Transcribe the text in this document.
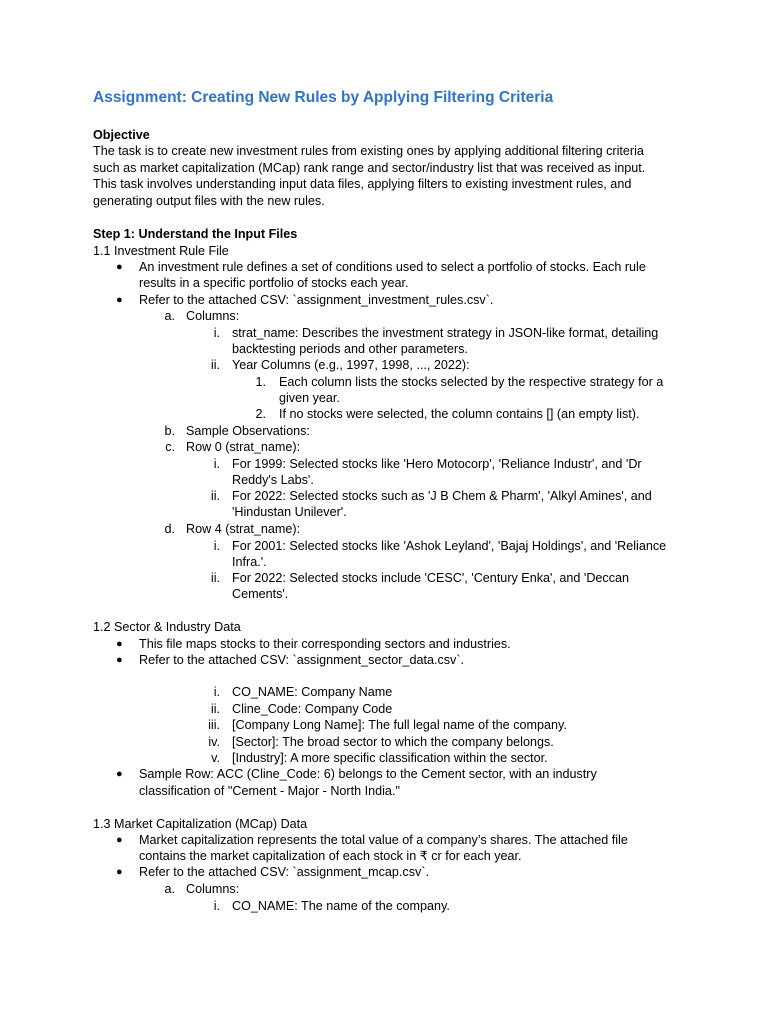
Assignment: Creating New Rules by Applying Filtering Criteria
Objective
The task is to create new investment rules from existing ones by applying additional filtering criteria
such as market capitalization (MCap) rank range and sector/industry list that was received as input.
This task involves understanding input data files, applying filters to existing investment rules, and
generating output files with the new rules.
Step 1: Understand the Input Files
1.1 Investment Rule File
● An investment rule defines a set of conditions used to select a portfolio of stocks. Each rule
results in a specific portfolio of stocks each year.
● Refer to the attached CSV: `assignment_investment_rules.csv`.
a. Columns:
i. strat_name: Describes the investment strategy in JSON-like format, detailing
backtesting periods and other parameters.
ii. Year Columns (e.g., 1997, 1998, ..., 2022):
1. Each column lists the stocks selected by the respective strategy for a
given year.
2. If no stocks were selected, the column contains [] (an empty list).
b. Sample Observations:
c. Row 0 (strat_name):
i. For 1999: Selected stocks like 'Hero Motocorp', 'Reliance Industr', and 'Dr
Reddy's Labs'.
ii. For 2022: Selected stocks such as 'J B Chem & Pharm', 'Alkyl Amines', and
'Hindustan Unilever'.
d. Row 4 (strat_name):
i. For 2001: Selected stocks like 'Ashok Leyland', 'Bajaj Holdings', and 'Reliance
Infra.'.
ii. For 2022: Selected stocks include 'CESC', 'Century Enka', and 'Deccan
Cements'.
1.2 Sector & Industry Data
● This file maps stocks to their corresponding sectors and industries.
● Refer to the attached CSV: `assignment_sector_data.csv`.
i. CO_NAME: Company Name
ii. Cline_Code: Company Code
iii. [Company Long Name]: The full legal name of the company.
iv. [Sector]: The broad sector to which the company belongs.
v. [Industry]: A more specific classification within the sector.
● Sample Row: ACC (Cline_Code: 6) belongs to the Cement sector, with an industry
classification of "Cement - Major - North India."
1.3 Market Capitalization (MCap) Data
● Market capitalization represents the total value of a company’s shares. The attached file
contains the market capitalization of each stock in ₹ cr for each year.
● Refer to the attached CSV: `assignment_mcap.csv`.
a. Columns:
i. CO_NAME: The name of the company.
